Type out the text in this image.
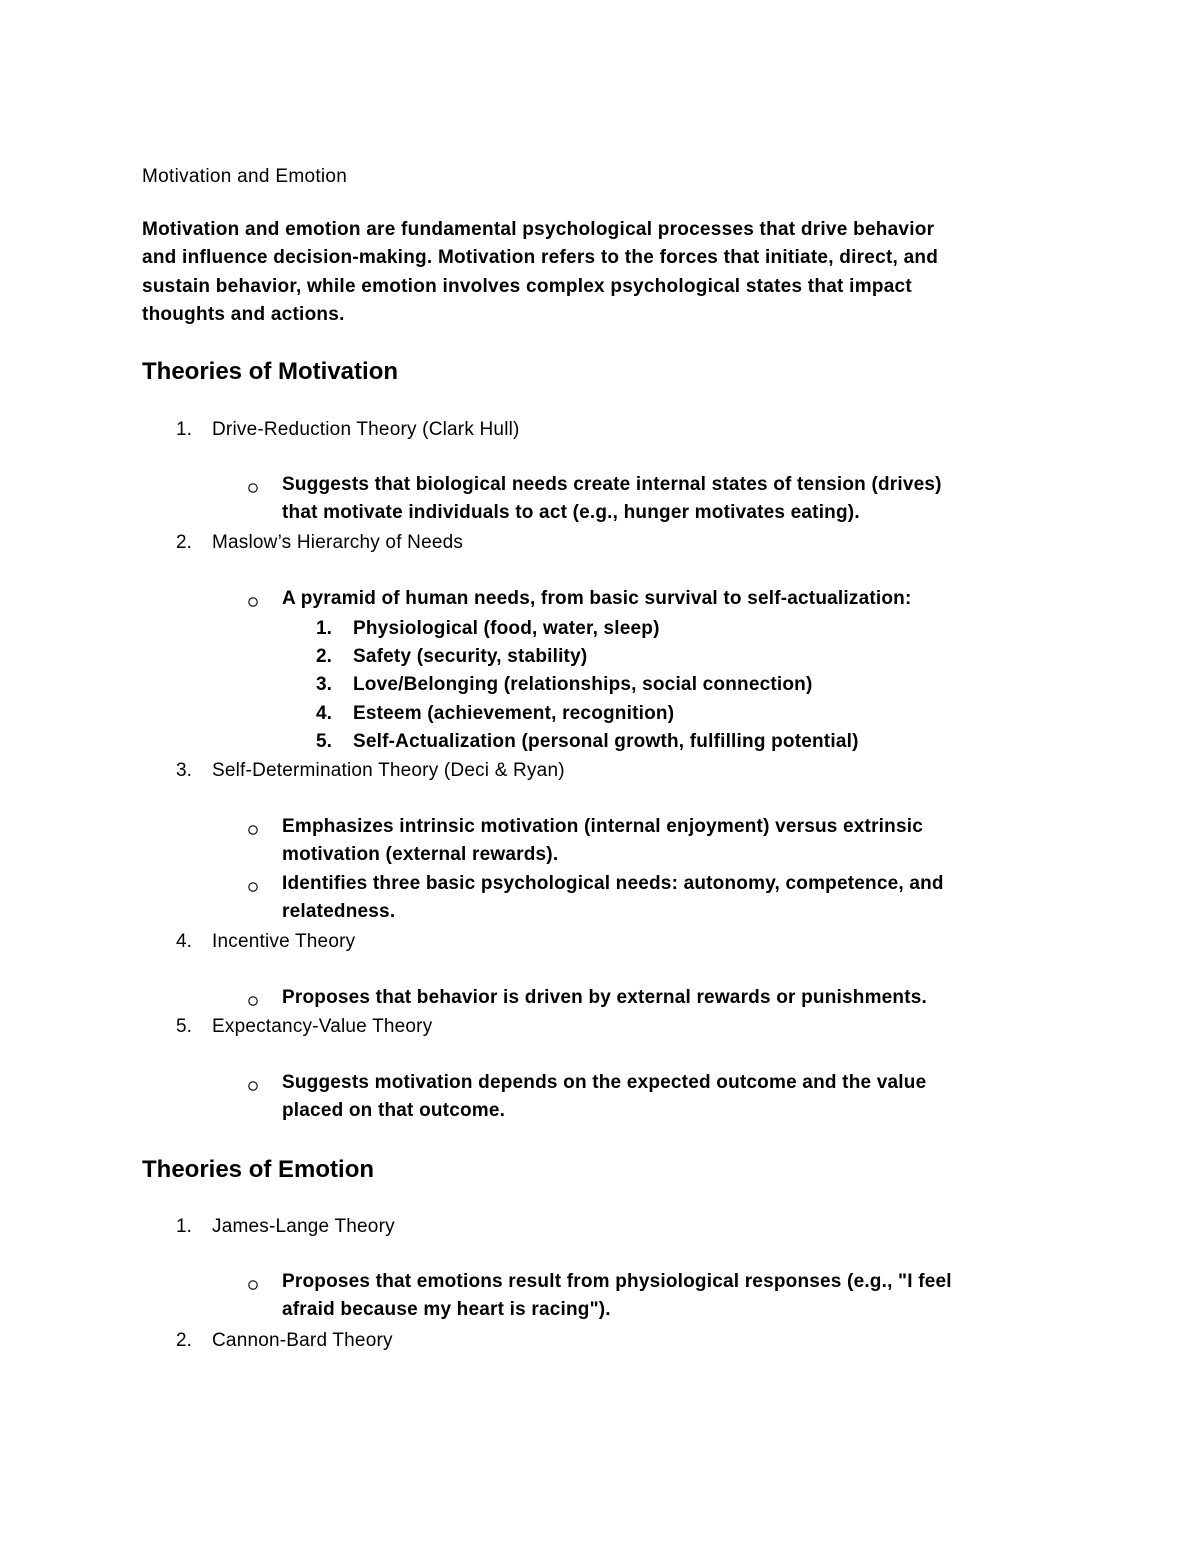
Motivation and Emotion
Motivation and emotion are fundamental psychological processes that drive behavior
and influence decision-making. Motivation refers to the forces that initiate, direct, and
sustain behavior, while emotion involves complex psychological states that impact
thoughts and actions.
Theories of Motivation
1. Drive-Reduction Theory (Clark Hull)
Suggests that biological needs create internal states of tension (drives)
that motivate individuals to act (e.g., hunger motivates eating).
2. Maslow’s Hierarchy of Needs
A pyramid of human needs, from basic survival to self-actualization:
1. Physiological (food, water, sleep)
2. Safety (security, stability)
3. Love/Belonging (relationships, social connection)
4. Esteem (achievement, recognition)
5. Self-Actualization (personal growth, fulfilling potential)
3. Self-Determination Theory (Deci & Ryan)
Emphasizes intrinsic motivation (internal enjoyment) versus extrinsic
motivation (external rewards).
Identifies three basic psychological needs: autonomy, competence, and
relatedness.
4. Incentive Theory
Proposes that behavior is driven by external rewards or punishments.
5. Expectancy-Value Theory
Suggests motivation depends on the expected outcome and the value
placed on that outcome.
Theories of Emotion
1. James-Lange Theory
Proposes that emotions result from physiological responses (e.g., "I feel
afraid because my heart is racing").
2. Cannon-Bard Theory
